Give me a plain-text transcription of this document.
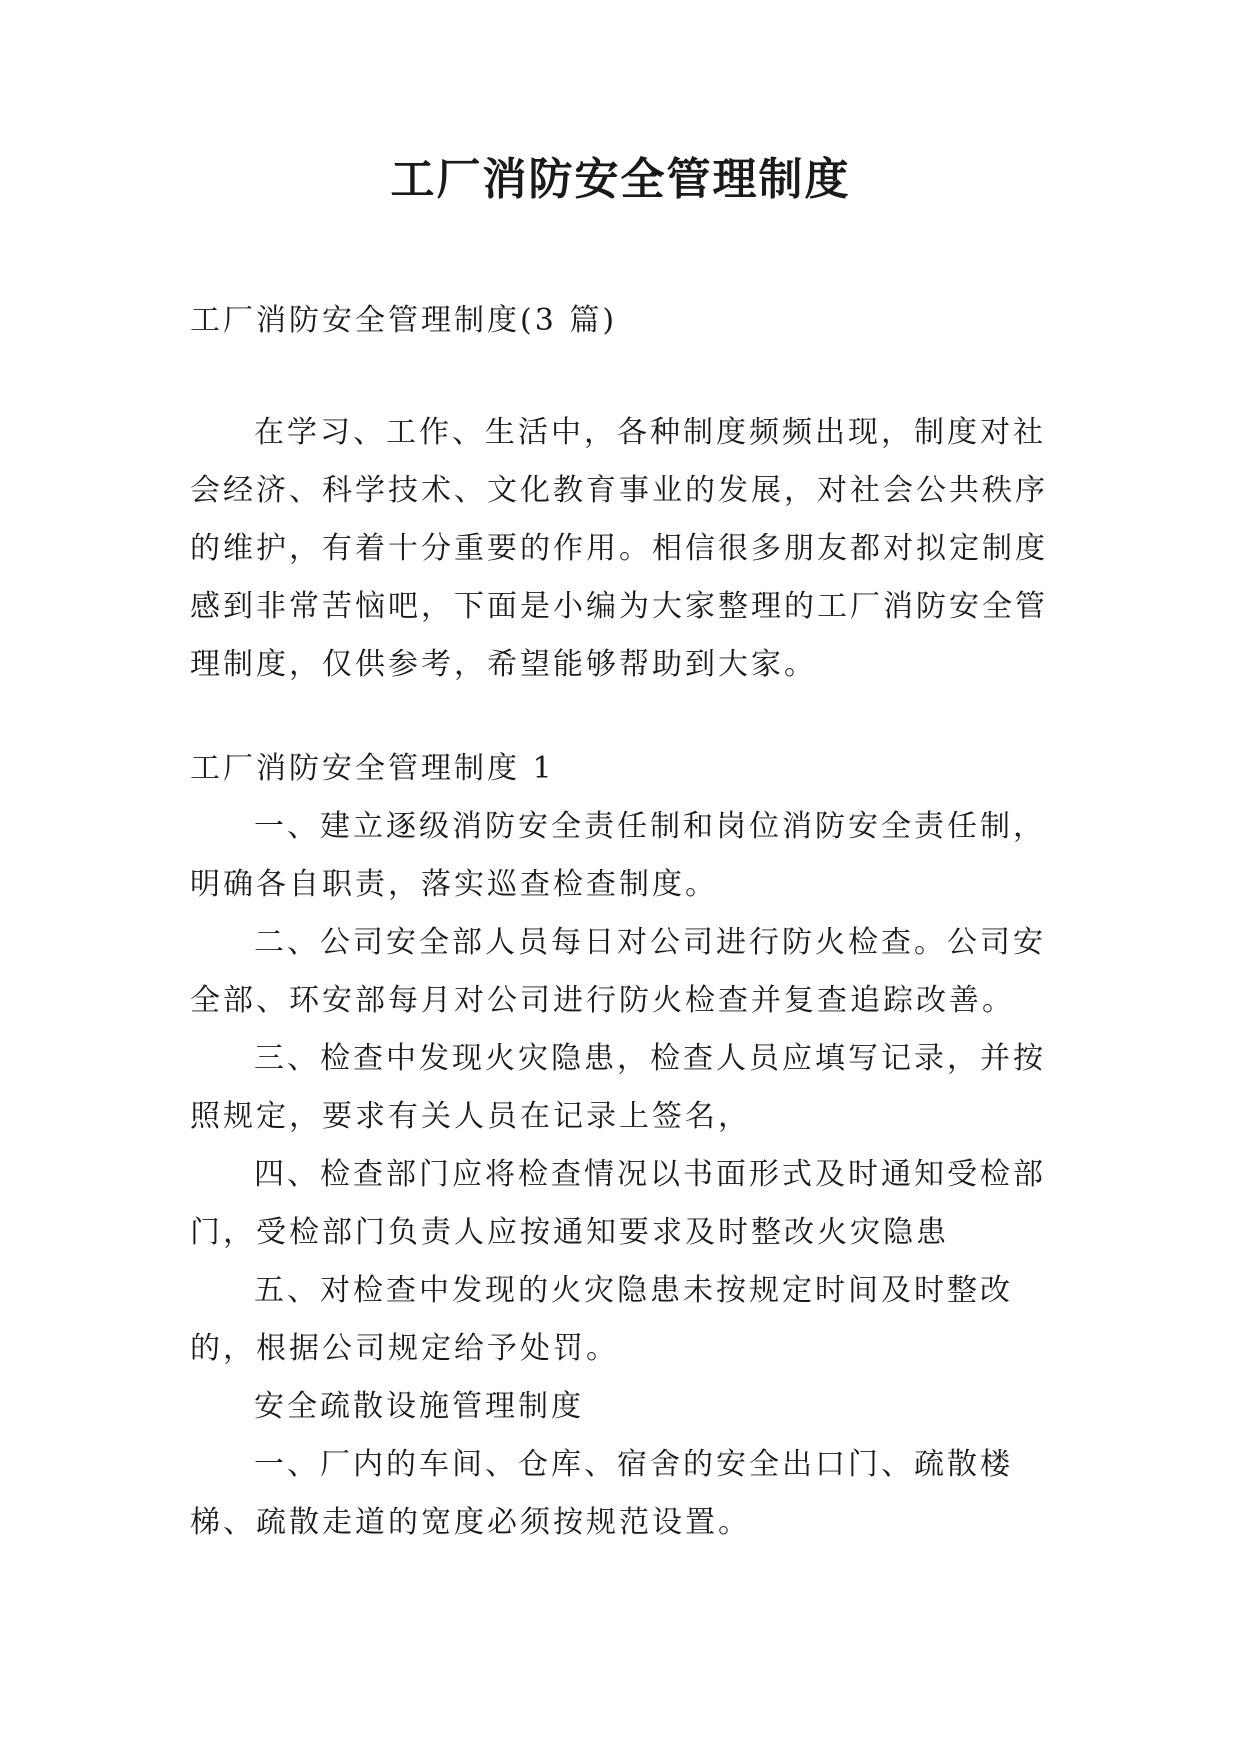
工厂消防安全管理制度
工厂消防安全管理制度(3 篇)

在学习、工作、生活中，各种制度频频出现，制度对社会经济、科学技术、文化教育事业的发展，对社会公共秩序的维护，有着十分重要的作用。相信很多朋友都对拟定制度感到非常苦恼吧，下面是小编为大家整理的工厂消防安全管理制度，仅供参考，希望能够帮助到大家。

工厂消防安全管理制度 1

一、建立逐级消防安全责任制和岗位消防安全责任制，明确各自职责，落实巡查检查制度。

二、公司安全部人员每日对公司进行防火检查。公司安全部、环安部每月对公司进行防火检查并复查追踪改善。

三、检查中发现火灾隐患，检查人员应填写记录，并按照规定，要求有关人员在记录上签名，

四、检查部门应将检查情况以书面形式及时通知受检部门，受检部门负责人应按通知要求及时整改火灾隐患

五、对检查中发现的火灾隐患未按规定时间及时整改的，根据公司规定给予处罚。

安全疏散设施管理制度

一、厂内的车间、仓库、宿舍的安全出口门、疏散楼梯、疏散走道的宽度必须按规范设置。
